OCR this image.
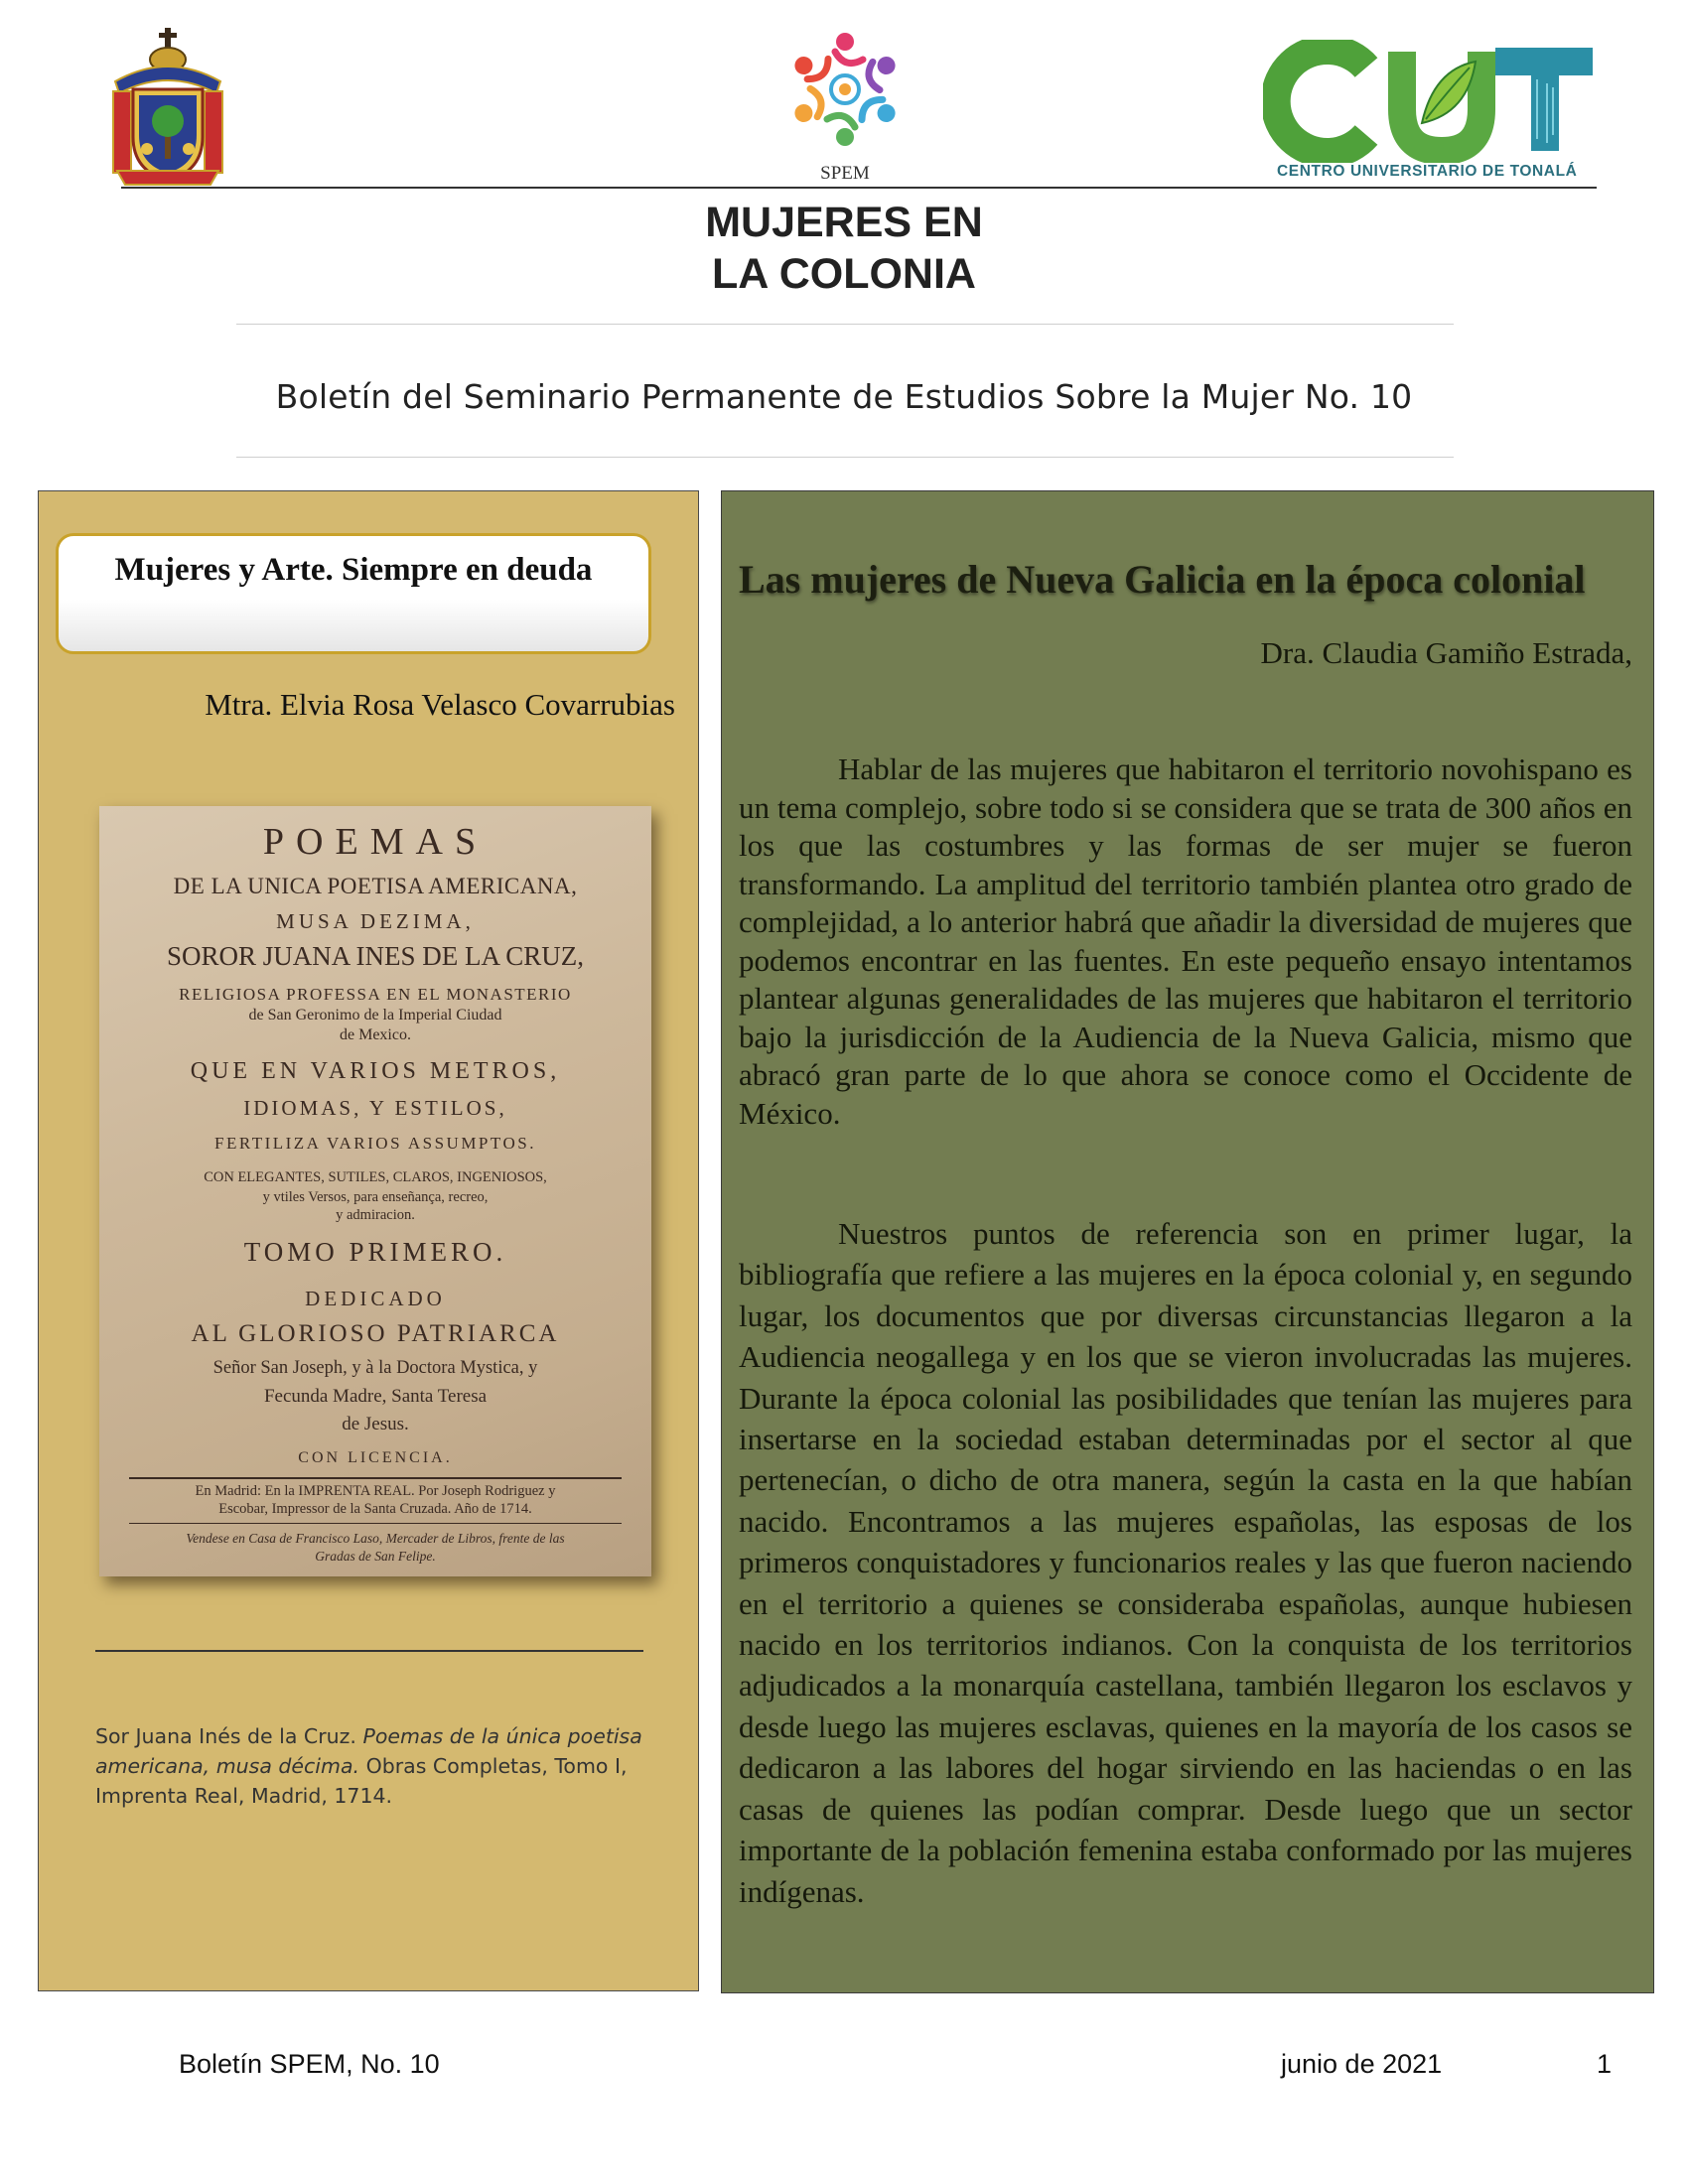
SPEM	CENTRO UNIVERSITARIO DE TONALÁ
MUJERES EN
LA COLONIA
Boletín del Seminario Permanente de Estudios Sobre la Mujer No. 10
Mujeres y Arte. Siempre en deuda
Mtra. Elvia Rosa Velasco Covarrubias
POEMAS
DE LA UNICA POETISA AMERICANA,
MUSA DEZIMA,
SOROR JUANA INES DE LA CRUZ,
RELIGIOSA PROFESSA EN EL MONASTERIO
de San Geronimo de la Imperial Ciudad
de Mexico.
QUE EN VARIOS METROS,
IDIOMAS, Y ESTILOS,
FERTILIZA VARIOS ASSUMPTOS.
CON ELEGANTES, SUTILES, CLAROS, INGENIOSOS,
y vtiles Versos, para enseñança, recreo,
y admiracion.
TOMO PRIMERO.
DEDICADO
AL GLORIOSO PATRIARCA
Señor San Joseph, y à la Doctora Mystica, y
Fecunda Madre, Santa Teresa
de Jesus.
CON LICENCIA.
En Madrid: En la IMPRENTA REAL. Por Joseph Rodriguez y
Escobar, Impressor de la Santa Cruzada. Año de 1714.
Vendese en Casa de Francisco Laso, Mercader de Libros, frente de las
Gradas de San Felipe.
Sor Juana Inés de la Cruz. Poemas de la única poetisa americana, musa décima. Obras Completas, Tomo I, Imprenta Real, Madrid, 1714.
Las mujeres de Nueva Galicia en la época colonial
Dra. Claudia Gamiño Estrada,
Hablar de las mujeres que habitaron el territorio novohispano es un tema complejo, sobre todo si se considera que se trata de 300 años en los que las costumbres y las formas de ser mujer se fueron transformando. La amplitud del territorio también plantea otro grado de complejidad, a lo anterior habrá que añadir la diversidad de mujeres que podemos encontrar en las fuentes. En este pequeño ensayo intentamos plantear algunas generalidades de las mujeres que habitaron el territorio bajo la jurisdicción de la Audiencia de la Nueva Galicia, mismo que abracó gran parte de lo que ahora se conoce como el Occidente de México.
Nuestros puntos de referencia son en primer lugar, la bibliografía que refiere a las mujeres en la época colonial y, en segundo lugar, los documentos que por diversas circunstancias llegaron a la Audiencia neogallega y en los que se vieron involucradas las mujeres. Durante la época colonial las posibilidades que tenían las mujeres para insertarse en la sociedad estaban determinadas por el sector al que pertenecían, o dicho de otra manera, según la casta en la que habían nacido. Encontramos a las mujeres españolas, las esposas de los primeros conquistadores y funcionarios reales y las que fueron naciendo en el territorio a quienes se consideraba españolas, aunque hubiesen nacido en los territorios indianos. Con la conquista de los territorios adjudicados a la monarquía castellana, también llegaron los esclavos y desde luego las mujeres esclavas, quienes en la mayoría de los casos se dedicaron a las labores del hogar sirviendo en las haciendas o en las casas de quienes las podían comprar. Desde luego que un sector importante de la población femenina estaba conformado por las mujeres indígenas.
Boletín SPEM, No. 10	junio de 2021	1
